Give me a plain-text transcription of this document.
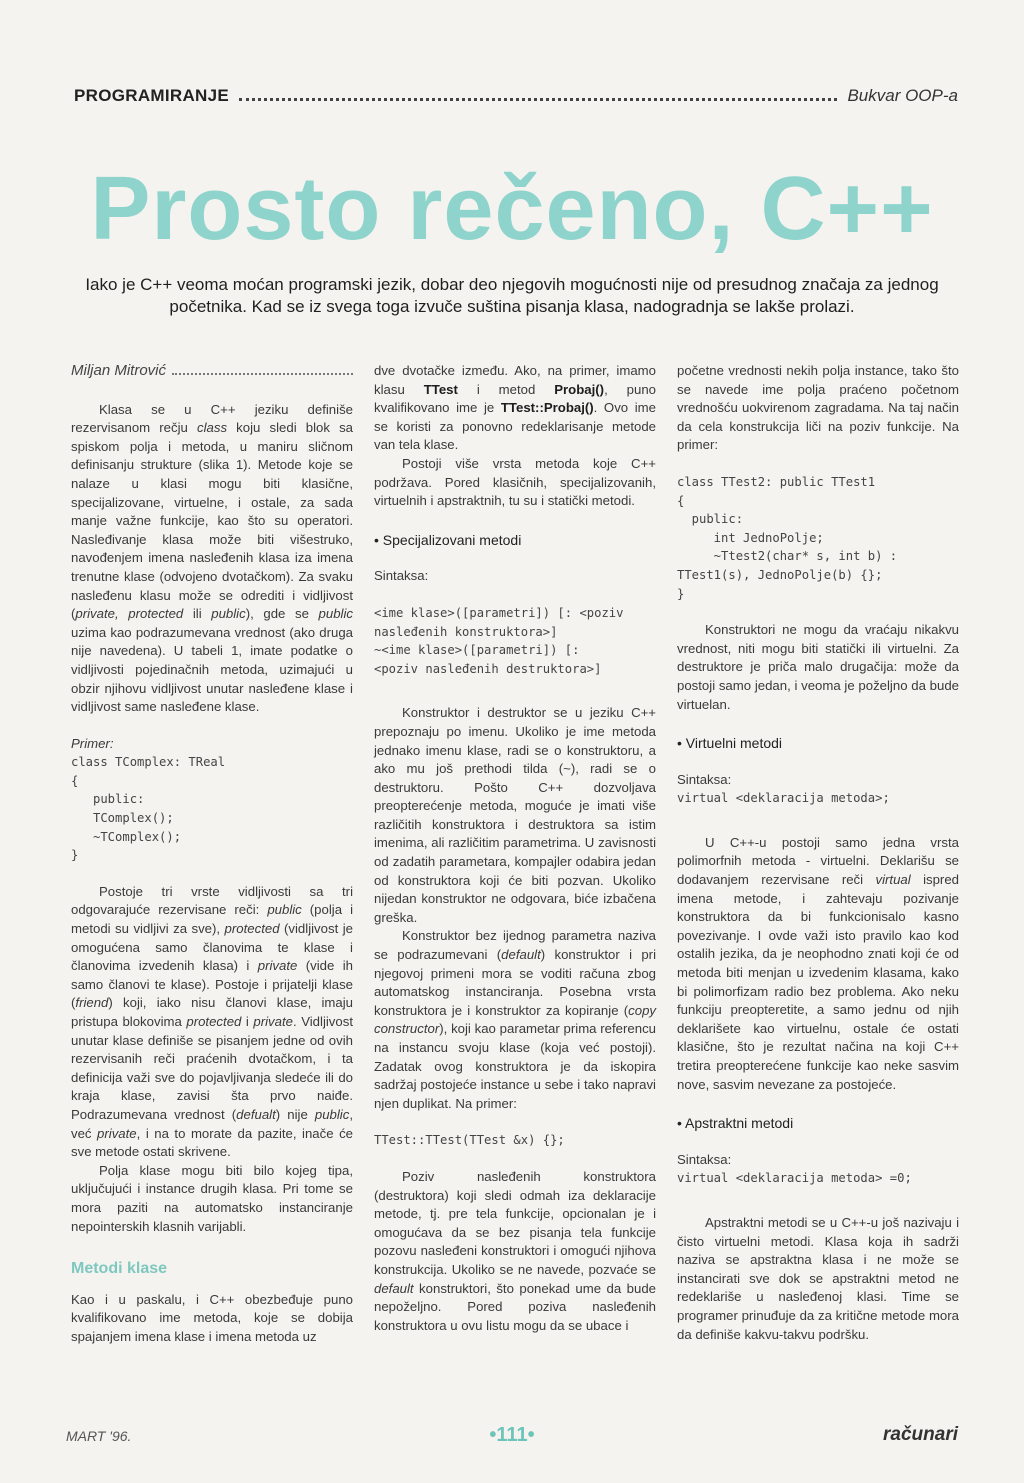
PROGRAMIRANJE	Bukvar OOP-a
Prosto rečeno, C++
Iako je C++ veoma moćan programski jezik, dobar deo njegovih mogućnosti nije od presudnog značaja za jednog početnika. Kad se iz svega toga izvuče suština pisanja klasa, nadogradnja se lakše prolazi.
Miljan Mitrović

Klasa se u C++ jeziku definiše rezervisanom rečju class koju sledi blok sa spiskom polja i metoda, u maniru sličnom definisanju strukture (slika 1). Metode koje se nalaze u klasi mogu biti klasične, specijalizovane, virtuelne, i ostale, za sada manje važne funkcije, kao što su operatori. Nasleđivanje klasa može biti višestruko, navođenjem imena nasleđenih klasa iza imena trenutne klase (odvojeno dvotačkom). Za svaku nasleđenu klasu može se odrediti i vidljivost (private, protected ili public), gde se public uzima kao podrazumevana vrednost (ako druga nije navedena). U tabeli 1, imate podatke o vidljivosti pojedinačnih metoda, uzimajući u obzir njihovu vidljivost unutar nasleđene klase i vidljivost same nasleđene klase.

Primer:

class TComplex: TReal
{
public:
TComplex();
~TComplex();
}

Postoje tri vrste vidljivosti sa tri odgovarajuće rezervisane reči: public (polja i metodi su vidljivi za sve), protected (vidljivost je omogućena samo članovima te klase i članovima izvedenih klasa) i private (vide ih samo članovi te klase). Postoje i prijatelji klase (friend) koji, iako nisu članovi klase, imaju pristupa blokovima protected i private. Vidljivost unutar klase definiše se pisanjem jedne od ovih rezervisanih reči praćenih dvotačkom, i ta definicija važi sve do pojavljivanja sledeće ili do kraja klase, zavisi šta prvo naiđe. Podrazumevana vrednost (defualt) nije public, već private, i na to morate da pazite, inače će sve metode ostati skrivene.

Polja klase mogu biti bilo kojeg tipa, uključujući i instance drugih klasa. Pri tome se mora paziti na automatsko instanciranje nepointerskih klasnih varijabli.

Metodi klase

Kao i u paskalu, i C++ obezbeđuje puno kvalifikovano ime metoda, koje se dobija spajanjem imena klase i imena metoda uz

dve dvotačke između. Ako, na primer, imamo klasu TTest i metod Probaj(), puno kvalifikovano ime je TTest::Probaj(). Ovo ime se koristi za ponovno redeklarisanje metode van tela klase.

Postoji više vrsta metoda koje C++ podržava. Pored klasičnih, specijalizovanih, virtuelnih i apstraktnih, tu su i statički metodi.

• Specijalizovani metodi

Sintaksa:

<ime klase>([parametri]) [: <poziv nasleđenih konstruktora>]
~<ime klase>([parametri]) [:
<poziv nasleđenih destruktora>]

Konstruktor i destruktor se u jeziku C++ prepoznaju po imenu. Ukoliko je ime metoda jednako imenu klase, radi se o konstruktoru, a ako mu još prethodi tilda (~), radi se o destruktoru. Pošto C++ dozvoljava preopterećenje metoda, moguće je imati više različitih konstruktora i destruktora sa istim imenima, ali različitim parametrima. U zavisnosti od zadatih parametara, kompajler odabira jedan od konstruktora koji će biti pozvan. Ukoliko nijedan konstruktor ne odgovara, biće izbačena greška.

Konstruktor bez ijednog parametra naziva se podrazumevani (default) konstruktor i pri njegovoj primeni mora se voditi računa zbog automatskog instanciranja. Posebna vrsta konstruktora je i konstruktor za kopiranje (copy constructor), koji kao parametar prima referencu na instancu svoju klase (koja već postoji). Zadatak ovog konstruktora je da iskopira sadržaj postojeće instance u sebe i tako napravi njen duplikat. Na primer:

TTest::TTest(TTest &x) {};

Poziv nasleđenih konstruktora (destruktora) koji sledi odmah iza deklaracije metode, tj. pre tela funkcije, opcionalan je i omogućava da se bez pisanja tela funkcije pozovu nasleđeni konstruktori i omogući njihova konstrukcija. Ukoliko se ne navede, pozvaće se default konstruktori, što ponekad ume da bude nepoželjno. Pored poziva nasleđenih konstruktora u ovu listu mogu da se ubace i

početne vrednosti nekih polja instance, tako što se navede ime polja praćeno početnom vrednošću uokvirenom zagradama. Na taj način da cela konstrukcija liči na poziv funkcije. Na primer:

class TTest2: public TTest1
{
public:
int JednoPolje;
~Ttest2(char* s, int b) :
TTest1(s), JednoPolje(b) {};
}

Konstruktori ne mogu da vraćaju nikakvu vrednost, niti mogu biti statički ili virtuelni. Za destruktore je priča malo drugačija: može da postoji samo jedan, i veoma je poželjno da bude virtuelan.

• Virtuelni metodi

Sintaksa:

virtual <deklaracija metoda>;

U C++-u postoji samo jedna vrsta polimorfnih metoda - virtuelni. Deklarišu se dodavanjem rezervisane reči virtual ispred imena metode, i zahtevaju pozivanje konstruktora da bi funkcionisalo kasno povezivanje. I ovde važi isto pravilo kao kod ostalih jezika, da je neophodno znati koji će od metoda biti menjan u izvedenim klasama, kako bi polimorfizam radio bez problema. Ako neku funkciju preopteretite, a samo jednu od njih deklarišete kao virtuelnu, ostale će ostati klasične, što je rezultat načina na koji C++ tretira preopterećene funkcije kao neke sasvim nove, sasvim nevezane za postojeće.

• Apstraktni metodi

Sintaksa:

virtual <deklaracija metoda> =0;

Apstraktni metodi se u C++-u još nazivaju i čisto virtuelni metodi. Klasa koja ih sadrži naziva se apstraktna klasa i ne može se instancirati sve dok se apstraktni metod ne redeklariše u nasleđenoj klasi. Time se programer prinuđuje da za kritične metode mora da definiše kakvu-takvu podršku.

MART '96.	•111•	računari
